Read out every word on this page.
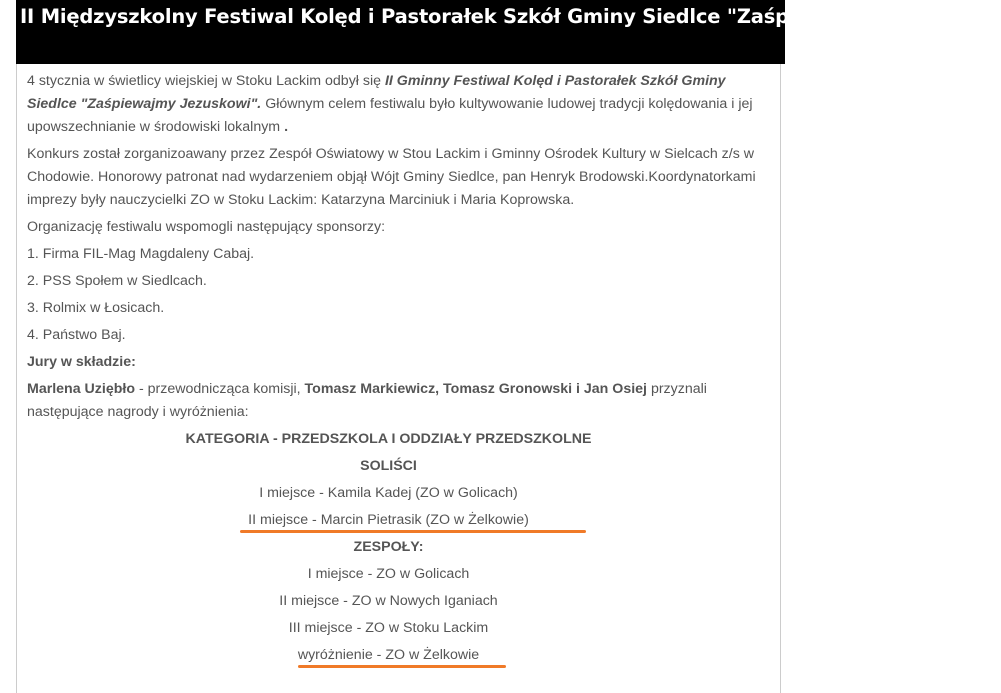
II Międzyszkolny Festiwal Kolęd i Pastorałek Szkół Gminy Siedlce "Zaśpiewajmy Jezuskowi"

4 stycznia w świetlicy wiejskiej w Stoku Lackim odbył się II Gminny Festiwal Kolęd i Pastorałek Szkół Gminy Siedlce "Zaśpiewajmy Jezuskowi". Głównym celem festiwalu było kultywowanie ludowej tradycji kolędowania i jej upowszechnianie w środowiski lokalnym .

Konkurs został zorganizoawany przez Zespół Oświatowy w Stou Lackim i Gminny Ośrodek Kultury w Sielcach z/s w Chodowie. Honorowy patronat nad wydarzeniem objął Wójt Gminy Siedlce, pan Henryk Brodowski.Koordynatorkami imprezy były nauczycielki ZO w Stoku Lackim: Katarzyna Marciniuk i Maria Koprowska.

Organizację festiwalu wspomogli następujący sponsorzy:

1. Firma FIL-Mag Magdaleny Cabaj.

2. PSS Społem w Siedlcach.

3. Rolmix w Łosicach.

4. Państwo Baj.

Jury w składzie:

Marlena Uziębło - przewodnicząca komisji, Tomasz Markiewicz, Tomasz Gronowski i Jan Osiej przyznali następujące nagrody i wyróżnienia:

KATEGORIA - PRZEDSZKOLA I ODDZIAŁY PRZEDSZKOLNE

SOLIŚCI

I miejsce - Kamila Kadej (ZO w Golicach)

II miejsce - Marcin Pietrasik (ZO w Żelkowie)

ZESPOŁY:

I miejsce - ZO w Golicach

II miejsce - ZO w Nowych Iganiach

III miejsce - ZO w Stoku Lackim

wyróżnienie - ZO w Żelkowie
